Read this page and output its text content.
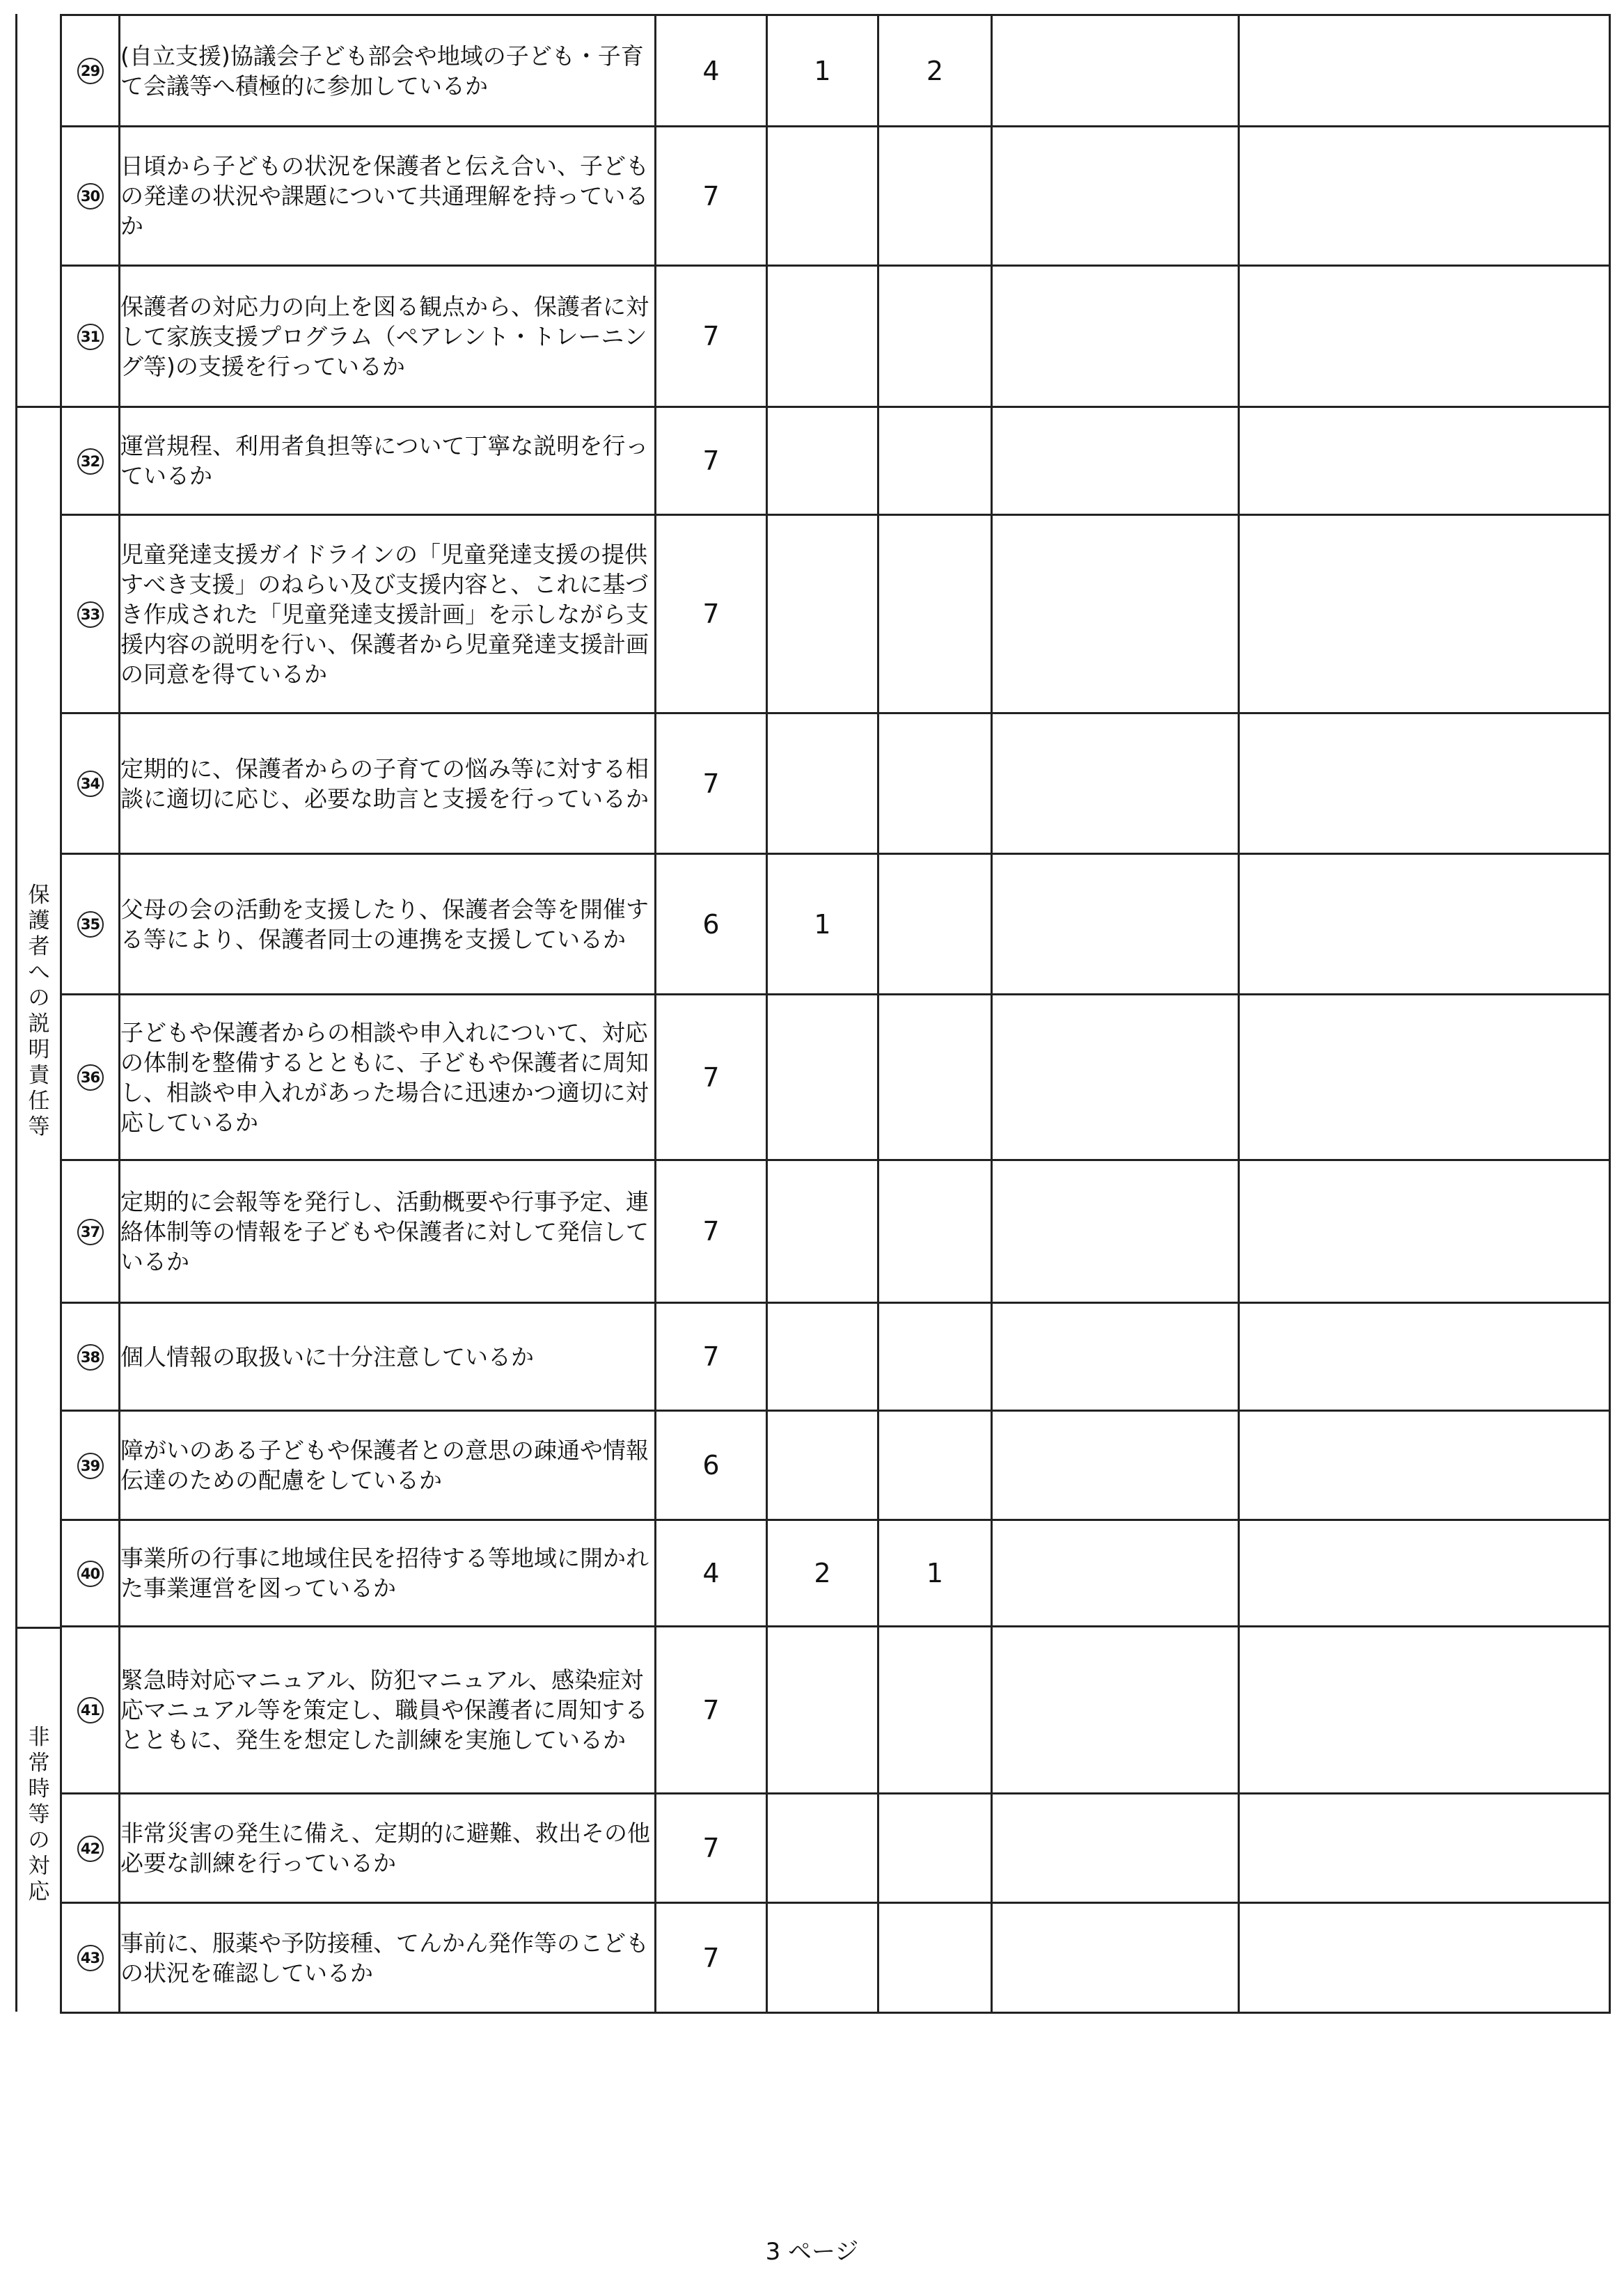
保護者への説明責任等
非常時等の対応
29	(自立支援)協議会子ども部会や地域の子ども・子育て会議等へ積極的に参加しているか	4	1	2		
30	日頃から子どもの状況を保護者と伝え合い、子どもの発達の状況や課題について共通理解を持っているか	7				
31	保護者の対応力の向上を図る観点から、保護者に対して家族支援プログラム（ペアレント・トレーニング等)の支援を行っているか	7				
32	運営規程、利用者負担等について丁寧な説明を行っているか	7				
33	児童発達支援ガイドラインの「児童発達支援の提供すべき支援」のねらい及び支援内容と、これに基づき作成された「児童発達支援計画」を示しながら支援内容の説明を行い、保護者から児童発達支援計画の同意を得ているか	7				
34	定期的に、保護者からの子育ての悩み等に対する相談に適切に応じ、必要な助言と支援を行っているか	7				
35	父母の会の活動を支援したり、保護者会等を開催する等により、保護者同士の連携を支援しているか	6	1			
36	子どもや保護者からの相談や申入れについて、対応の体制を整備するとともに、子どもや保護者に周知し、相談や申入れがあった場合に迅速かつ適切に対応しているか	7				
37	定期的に会報等を発行し、活動概要や行事予定、連絡体制等の情報を子どもや保護者に対して発信しているか	7				
38	個人情報の取扱いに十分注意しているか	7				
39	障がいのある子どもや保護者との意思の疎通や情報伝達のための配慮をしているか	6				
40	事業所の行事に地域住民を招待する等地域に開かれた事業運営を図っているか	4	2	1		
41	緊急時対応マニュアル、防犯マニュアル、感染症対応マニュアル等を策定し、職員や保護者に周知するとともに、発生を想定した訓練を実施しているか	7				
42	非常災害の発生に備え、定期的に避難、救出その他必要な訓練を行っているか	7				
43	事前に、服薬や予防接種、てんかん発作等のこどもの状況を確認しているか	7				
3 ページ
